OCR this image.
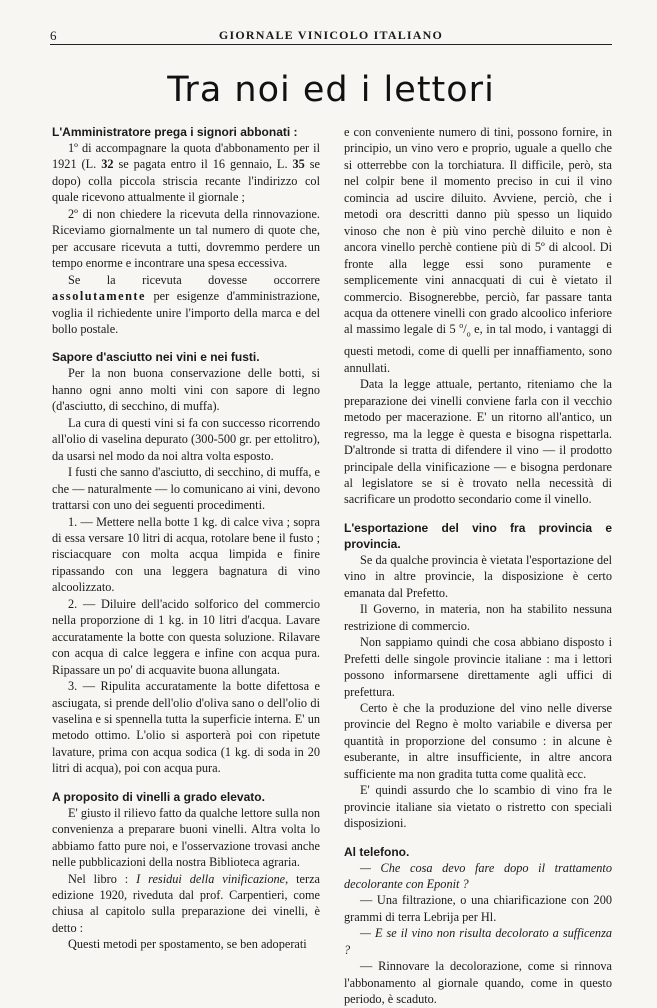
6	GIORNALE VINICOLO ITALIANO
Tra noi ed i lettori
L'Amministratore prega i signori abbonati :

1º di accompagnare la quota d'abbonamento per il 1921 (L. 32 se pagata entro il 16 gennaio, L. 35 se dopo) colla piccola striscia recante l'indirizzo col quale ricevono attualmente il giornale ;

2º di non chiedere la ricevuta della rinnovazione. Riceviamo giornalmente un tal numero di quote che, per accusare ricevuta a tutti, dovremmo perdere un tempo enorme e incontrare una spesa eccessiva.

Se la ricevuta dovesse occorrere assolutamente per esigenze d'amministrazione, voglia il richiedente unire l'importo della marca e del bollo postale.

Sapore d'asciutto nei vini e nei fusti.

Per la non buona conservazione delle botti, si hanno ogni anno molti vini con sapore di legno (d'asciutto, di secchino, di muffa).

La cura di questi vini si fa con successo ricorrendo all'olio di vaselina depurato (300-500 gr. per ettolitro), da usarsi nel modo da noi altra volta esposto.

I fusti che sanno d'asciutto, di secchino, di muffa, e che — naturalmente — lo comunicano ai vini, devono trattarsi con uno dei seguenti procedimenti.

1. — Mettere nella botte 1 kg. di calce viva ; sopra di essa versare 10 litri di acqua, rotolare bene il fusto ; risciacquare con molta acqua limpida e finire ripassando con una leggera bagnatura di vino alcoolizzato.

2. — Diluire dell'acido solforico del commercio nella proporzione di 1 kg. in 10 litri d'acqua. Lavare accuratamente la botte con questa soluzione. Rilavare con acqua di calce leggera e infine con acqua pura. Ripassare un po' di acquavite buona allungata.

3. — Ripulita accuratamente la botte difettosa e asciugata, si prende dell'olio d'oliva sano o dell'olio di vaselina e si spennella tutta la superficie interna. E' un metodo ottimo. L'olio si asporterà poi con ripetute lavature, prima con acqua sodica (1 kg. di soda in 20 litri di acqua), poi con acqua pura.

A proposito di vinelli a grado elevato.

E' giusto il rilievo fatto da qualche lettore sulla non convenienza a preparare buoni vinelli. Altra volta lo abbiamo fatto pure noi, e l'osservazione trovasi anche nelle pubblicazioni della nostra Biblioteca agraria.

Nel libro : I residui della vinificazione, terza edizione 1920, riveduta dal prof. Carpentieri, come chiusa al capitolo sulla preparazione dei vinelli, è detto :

Questi metodi per spostamento, se ben adoperati

e con conveniente numero di tini, possono fornire, in principio, un vino vero e proprio, uguale a quello che si otterrebbe con la torchiatura. Il difficile, però, sta nel colpir bene il momento preciso in cui il vino comincia ad uscire diluito. Avviene, perciò, che i metodi ora descritti danno più spesso un liquido vinoso che non è più vino perchè diluito e non è ancora vinello perchè contiene più di 5º di alcool. Di fronte alla legge essi sono puramente e semplicemente vini annacquati di cui è vietato il commercio. Bisognerebbe, perciò, far passare tanta acqua da ottenere vinelli con grado alcoolico inferiore al massimo legale di 5 $^o/_o$ e, in tal modo, i vantaggi di questi metodi, come di quelli per innaffiamento, sono annullati.

Data la legge attuale, pertanto, riteniamo che la preparazione dei vinelli conviene farla con il vecchio metodo per macerazione. E' un ritorno all'antico, un regresso, ma la legge è questa e bisogna rispettarla. D'altronde si tratta di difendere il vino — il prodotto principale della vinificazione — e bisogna perdonare al legislatore se si è trovato nella necessità di sacrificare un prodotto secondario come il vinello.

L'esportazione del vino fra provincia e provincia.

Se da qualche provincia è vietata l'esportazione del vino in altre provincie, la disposizione è certo emanata dal Prefetto.

Il Governo, in materia, non ha stabilito nessuna restrizione di commercio.

Non sappiamo quindi che cosa abbiano disposto i Prefetti delle singole provincie italiane : ma i lettori possono informarsene direttamente agli uffici di prefettura.

Certo è che la produzione del vino nelle diverse provincie del Regno è molto variabile e diversa per quantità in proporzione del consumo : in alcune è esuberante, in altre insufficiente, in altre ancora sufficiente ma non gradita tutta come qualità ecc.

E' quindi assurdo che lo scambio di vino fra le provincie italiane sia vietato o ristretto con speciali disposizioni.

Al telefono.

— Che cosa devo fare dopo il trattamento decolorante con Eponit ?

— Una filtrazione, o una chiarificazione con 200 grammi di terra Lebrija per Hl.

— E se il vino non risulta decolorato a sufficenza ?

— Rinnovare la decolorazione, come si rinnova l'abbonamento al giornale quando, come in questo periodo, è scaduto.
